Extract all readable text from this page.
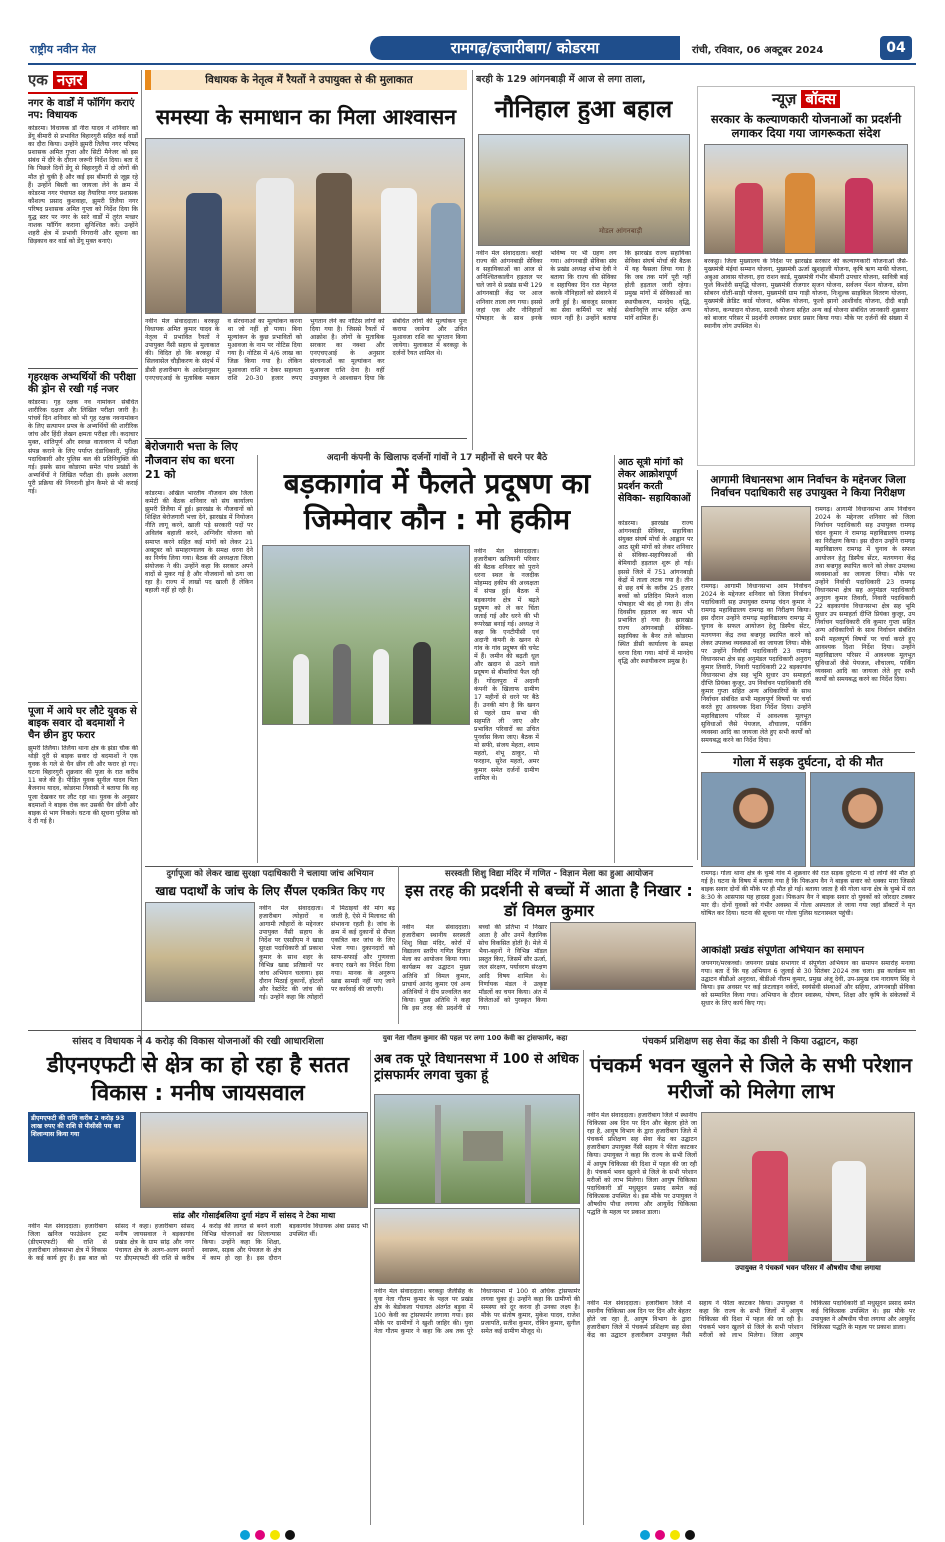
राष्ट्रीय नवीन मेल	रामगढ़/हजारीबाग/ कोडरमा	रांची, रविवार, 06 अक्टूबर 2024	04
एक नज़र
नगर के वार्डों में फॉगिंग कराएं नप: विधायक
कोडरमा। विधायक डॉ नीरा यादव ने शनिवार को डेंगू बीमारी से प्रभावित बिहारगुरी सहित कई वार्डों का दौरा किया। उन्होंने झुमरी तिलैया नगर परिषद प्रशासक अमित गुप्ता और सिटी मैनेजर को इस संबंध में दौरे के दौरान जरूरी निर्देश दिया। बता दें कि पिछले दिनों डेंगू से बिहारगुरी में दो लोगों की मौत हो चुकी है और कई इस बीमारी से जूझ रहे हैं। उन्होंने बिस्ती का जायजा लेने के क्रम में कोडरमा नगर पंचायत सह तैयारिया नगर प्रशासक कौशल्य प्रसाद कुशवाहा, झुमरी तिलैया नगर परिषद प्रशासक अमित गुप्ता को निर्देश दिया कि युद्ध स्तर पर नगर के सारे वार्डों में तुरंत मच्छर नाशक फॉगिंग कराना सुनिश्चित करें। उन्होंने शहरी क्षेत्र में प्रभावी निगरानी और सूचना का छिड़काव कर वार्ड को डेंगू मुक्त बनाएं।
गृहरक्षक अभ्यर्थियों की परीक्षा की ड्रोन से रखी गई नजर
कोडरमा। गृह रक्षक नव नामांकन संबंधित शारीरिक दक्षता और लिखित परीक्षा जारी है। पांचवें दिन शनिवार को भी गृह रक्षक नवनामांकन के लिए सत्यापन प्रपत्र के अभ्यर्थियों की शारीरिक जांच और हिंदी लेखन क्षमता परीक्षा ली। कदाचार मुक्त, शांतिपूर्ण और स्वच्छ वातावरण में परीक्षा संपन्न कराने के लिए पर्याप्त दंडाधिकारी, पुलिस पदाधिकारी और पुलिस बल की प्रतिनियुक्ति की गई। इसके साथ कोडरमा समेत पांच प्रखंडों के अभ्यर्थियों ने लिखित परीक्षा दी। इसके अलावा पूरी प्रक्रिया की निगरानी ड्रोन कैमरे से भी कराई गई।
पूजा में आये घर लौटे युवक से बाइक सवार दो बदमाशों ने चैन छीन हुए फरार
झुमरी तिलैया। तिलैया थाना क्षेत्र के झंडा चौक की थोड़ी दूरी से बाइक सवार दो बदमाशों ने एक युवक के गले से चैन छीन ली और फरार हो गए। घटना बिहारगुरी शुक्रवार की पूजा के रात करीब 11 बजे की है। पीड़ित युवक सुनील यादव पिता बैजनाथ यादव, कोडरमा निवासी ने बताया कि वह पूजा देखकर घर लौट रहा था। युवक के अनुसार बदमाशों ने बाइक रोक कर उसकी चैन छीनी और बाइक से भाग निकले। घटना की सूचना पुलिस को दे दी गई है।
विधायक के नेतृत्व में रैयतों ने उपायुक्त से की मुलाकात
समस्या के समाधान का मिला आश्वासन
नवीन मेल संवाददाता। बरकट्ठा विधायक अमित कुमार यादव के नेतृत्व में प्रभावित रैयतों ने उपायुक्त नैंसी सहाय से मुलाकात की। विदित हो कि बरकट्ठा में सिलवासेल चौड़ीकरण के संदर्भ में डीसी हजारीबाग के आदेशानुसार एनएचएआई के मुताबिक मकान व संरचनाओं का मूल्यांकन करना था जो नहीं हो पाया। बिना मूल्यांकन के कुछ प्रभावितों को मुआवजा के नाम पर नोटिस दिया गया है। नोटिस में 4/6 लाख का जिक्र किया गया है। लेकिन मुआवजा राशि न देकर सहायता राशि 20-30 हजार रुपए भुगतान लेने का नोटिस लोगों को दिया गया है। जिससे रैयतों में आक्रोश है। लोगों के मुताबिक सरकार का नक्शा और एनएचएआई के अनुसार संरचनाओं का मूल्यांकन कर मुआवजा राशि देना है। वहीं उपायुक्त ने आश्वासन दिया कि संबंधित लोगों की मूल्यांकन पुनः कराया जायेगा और उचित मुआवजा राशि का भुगतान किया जायेगा। मुलाकात में बरकट्ठा के दर्जनों रैयत शामिल थे।
बरही के 129 आंगनबाड़ी में आज से लगा ताला,
नौनिहाल हुआ बहाल
मोडल आंगनबाड़ी
नवीन मेल संवाददाता। बरही राज्य की आंगनबाड़ी सेविका व सहायिकाओं का आज से अनिश्चितकालीन हड़ताल पर चले जाने से प्रखंड सभी 129 आंगनबाड़ी केंद्र पर आज शनिवार ताला लग गया। इससे जहां एक और नौनिहालों पोषाहार के साथ इनके भविष्य पर भी ग्रहण लग गया। आंगनबाड़ी सेविका संघ के प्रखंड अध्यक्ष शोभा देवी ने बताया कि राज्य की सेविका व सहायिका दिन रात मेहनत करके नौनिहालों को संवारने में लगी हुई है। बावजूद सरकार का सेवा कर्मियों पर कोई ध्यान नहीं है। उन्होंने बताया कि झारखंड राज्य सहायिका सेविका संघर्ष मोर्चा की बैठक में यह फैसला लिया गया है कि जब तक मांगें पूरी नहीं होती हड़ताल जारी रहेगा। प्रमुख मांगों में सेविकाओं का स्थायीकरण, मानदेय वृद्धि, सेवानिवृत्ति लाभ सहित अन्य मांगें शामिल हैं।
न्यूज़ बॉक्स
सरकार के कल्याणकारी योजनाओं का प्रदर्शनी लगाकर दिया गया जागरूकता संदेश
बरकट्ठा। जिला मुख्यालय के निर्देश पर झारखंड सरकार की कल्याणकारी योजनाओं जैसे- मुख्यमंत्री मंईयां सम्मान योजना, मुख्यमंत्री ऊर्जा खुशहाली योजना, कृषि ऋण माफी योजना, अबुआ आवास योजना, हरा राशन कार्ड, मुख्यमंत्री गंभीर बीमारी उपचार योजना, सावित्री बाई फुले किशोरी समृद्धि योजना, मुख्यमंत्री रोजगार सृजन योजना, सर्वजन पेंशन योजना, सोना सोबरन धोती-साड़ी योजना, मुख्यमंत्री ग्राम गाड़ी योजना, निःशुल्क साइकिल वितरण योजना, मुख्यमंत्री क्रेडिट कार्ड योजना, श्रमिक योजना, फूलो झानो आशीर्वाद योजना, दीदी बाड़ी योजना, कन्यादान योजना, सारथी योजना सहित अन्य कई योजना संबंधित जानकारी शुक्रवार को बाजार परिसर में प्रदर्शनी लगाकर प्रचार प्रसार किया गया। मौके पर दर्जनों की संख्या में स्थानीय लोग उपस्थित थे।
बेरोजगारी भत्ता के लिए नौजवान संघ का धरना 21 को
कोडरमा। अखिल भारतीय नौजवान संघ जिला कमेटी की बैठक शनिवार को संघ कार्यालय झुमरी तिलैया में हुई। झारखंड के नौजवानों को शिक्षित बेरोजगारी भत्ता देने, झारखंड में नियोजन नीति लागू करने, खाली पड़े सरकारी पदों पर अविलंब बहाली करने, अग्निवीर योजना को समाप्त करने सहित कई मांगों को लेकर 21 अक्टूबर को समाहरणालय के समक्ष धरना देने का निर्णय लिया गया। बैठक की अध्यक्षता जिला संयोजक ने की। उन्होंने कहा कि सरकार अपने वादों से मुकर गई है और नौजवानों को ठगा जा रहा है। राज्य में लाखों पद खाली हैं लेकिन बहाली नहीं हो रही है।
अदानी कंपनी के खिलाफ दर्जनों गांवों ने 17 महीनों से धरने पर बैठे
बड़कागांव में फैलते प्रदूषण का जिम्मेवार कौन : मो हकीम
नवीन मेल संवाददाता। हजारीबाग खतियानी परिवार की बैठक शनिवार को पुराने धरना स्थल के नजदीक मोहम्मद हकीम की अध्यक्षता में संपन्न हुई। बैठक में बड़कागांव क्षेत्र में बढ़ते प्रदूषण को ले कर चिंता जताई गई और धरने की भी रूपरेखा बनाई गई। अध्यक्ष ने कहा कि एनटीपीसी एवं अदानी कंपनी के खनन से गांव के गांव प्रदूषण की चपेट में हैं। जमीन की बढ़ती धूल और खदान से उठने वाले प्रदूषण से बीमारियां फैल रही हैं। गोंदलपुरा में अदानी कंपनी के खिलाफ ग्रामीण 17 महीनों से धरने पर बैठे हैं। उनकी मांग है कि खनन से पहले ग्राम सभा की सहमति ली जाए और प्रभावित परिवारों का उचित पुनर्वास किया जाए। बैठक में मो सफी, संजय मेहता, श्याम महतो, शंभू ठाकुर, मो फरहान, सुरेश महतो, अमर कुमार समेत दर्जनों ग्रामीण शामिल थे।
आठ सूत्री मांगों को लेकर आक्रोशपूर्ण प्रदर्शन करती सेविका- सहायिकाओं
कोडरमा। झारखंड राज्य आंगनबाड़ी सेविका, सहायिका संयुक्त संघर्ष मोर्चा के आह्वान पर आठ सूत्री मांगों को लेकर शनिवार से सेविका-सहायिकाओं की बेमियादी हड़ताल शुरू हो गई। इससे जिले में 751 आंगनबाड़ी केंद्रों में ताला लटक गया है। तीन से छह वर्ष के करीब 25 हजार बच्चों को प्रतिदिन मिलने वाला पोषाहार भी बंद हो गया है। तीन दिवसीय हड़ताल का काम भी प्रभावित हो गया है। झारखंड राज्य आंगनबाड़ी सेविका-सहायिका के बैनर तले कोडरमा स्थित डीसी कार्यालय के समक्ष धरना दिया गया। मांगों में मानदेय वृद्धि और स्थायीकरण प्रमुख है।
आगामी विधानसभा आम निर्वाचन के मद्देनजर जिला निर्वाचन पदाधिकारी सह उपायुक्त ने किया निरीक्षण
रामगढ़। आगामी विधानसभा आम निर्वाचन 2024 के मद्देनजर शनिवार को जिला निर्वाचन पदाधिकारी सह उपायुक्त रामगढ़ चंदन कुमार ने रामगढ़ महाविद्यालय रामगढ़ का निरीक्षण किया। इस दौरान उन्होंने रामगढ़ महाविद्यालय रामगढ़ में चुनाव के सफल आयोजन हेतु डिस्पैच सेंटर, मतगणना केंद्र तथा बज्रगृह स्थापित करने को लेकर उपलब्ध व्यवस्थाओं का जायजा लिया। मौके पर उन्होंने निर्वाची पदाधिकारी 23 रामगढ़ विधानसभा क्षेत्र सह अनुमंडल पदाधिकारी अनुराग कुमार तिवारी, निवारी पदाधिकारी 22 बड़कागांव विधानसभा क्षेत्र सह भूमि सुधार उप समाहर्ता दीप्ति प्रियंका कुजूर, उप निर्वाचन पदाधिकारी रवि कुमार गुप्ता सहित अन्य अधिकारियों के साथ निर्वाचन संबंधित सभी महत्वपूर्ण विषयों पर चर्चा करते हुए आवश्यक दिशा निर्देश दिया। उन्होंने महाविद्यालय परिसर में आवश्यक मूलभूत सुविधाओं जैसे पेयजल, शौचालय, पार्किंग व्यवस्था आदि का जायजा लेते हुए सभी कार्यों को समयबद्ध करने का निर्देश दिया।
रामगढ़। आगामी विधानसभा आम निर्वाचन 2024 के मद्देनजर शनिवार को जिला निर्वाचन पदाधिकारी सह उपायुक्त रामगढ़ चंदन कुमार ने रामगढ़ महाविद्यालय रामगढ़ का निरीक्षण किया। इस दौरान उन्होंने रामगढ़ महाविद्यालय रामगढ़ में चुनाव के सफल आयोजन हेतु डिस्पैच सेंटर, मतगणना केंद्र तथा बज्रगृह स्थापित करने को लेकर उपलब्ध व्यवस्थाओं का जायजा लिया। मौके पर उन्होंने निर्वाची पदाधिकारी 23 रामगढ़ विधानसभा क्षेत्र सह अनुमंडल पदाधिकारी अनुराग कुमार तिवारी, निवारी पदाधिकारी 22 बड़कागांव विधानसभा क्षेत्र सह भूमि सुधार उप समाहर्ता दीप्ति प्रियंका कुजूर, उप निर्वाचन पदाधिकारी रवि कुमार गुप्ता सहित अन्य अधिकारियों के साथ निर्वाचन संबंधित सभी महत्वपूर्ण विषयों पर चर्चा करते हुए आवश्यक दिशा निर्देश दिया। उन्होंने महाविद्यालय परिसर में आवश्यक मूलभूत सुविधाओं जैसे पेयजल, शौचालय, पार्किंग व्यवस्था आदि का जायजा लेते हुए सभी कार्यों को समयबद्ध करने का निर्देश दिया।
गोला में सड़क दुर्घटना, दो की मौत
रामगढ़। गोला थाना क्षेत्र के चुम्बे गांव में शुक्रवार की रात सड़क दुर्घटना में दो लोगों की मौत हो गई है। घटना के विषय में बताया गया है कि पिकअप वैन ने बाइक सवार को धक्का मारा जिससे बाइक सवार दोनों की मौके पर ही मौत हो गई। बताया जाता है की गोला थाना क्षेत्र के चुम्बे में रात 8:30 के आसपास यह हादसा हुआ। पिकअप वैन ने बाइक सवार दो युवकों को जोरदार टक्कर मार दी। दोनों युवकों को गंभीर अवस्था में गोला अस्पताल ले जाया गया जहां डॉक्टरों ने मृत घोषित कर दिया। घटना की सूचना पर गोला पुलिस घटनास्थल पहुंची।
आकांक्षी प्रखंड संपूर्णता अभियान का समापन
जयनगर/मरकच्चो। जयनगर प्रखंड सभागार में संपूर्णता अभियान का समापन समारोह मनाया गया। बता दें कि यह अभियान 6 जुलाई से 30 सितंबर 2024 तक चला। इस कार्यक्रम का उद्घाटन बीडीओ अनुराधा, बीडीओ नीतम कुमार, प्रमुख अंजू देवी, उप-प्रमुख राम नारायण सिंह ने किया। इस अवसर पर कई फ्रंटलाइन वर्करों, स्वयंसेवी संस्थाओं और सहिया, आंगनबाड़ी सेविका को सम्मानित किया गया। अभियान के दौरान स्वास्थ्य, पोषण, शिक्षा और कृषि के संकेतकों में सुधार के लिए कार्य किए गए।
दुर्गापूजा को लेकर खाद्य सुरक्षा पदाधिकारी ने चलाया जांच अभियान
खाद्य पदार्थों के जांच के लिए सैंपल एकत्रित किए गए
नवीन मेल संवाददाता। हजारीबाग त्योहारों व आगामी त्यौहारों के मद्देनजर उपायुक्त नैंसी सहाय के निर्देश पर एसडीएम ने खाद्य सुरक्षा पदाधिकारी डॉ प्रकाश कुमार के साथ शहर के विभिन्न खाद्य प्रतिष्ठानों पर जांच अभियान चलाया। इस दौरान मिठाई दुकानों, होटलों और रेस्टोरेंट की जांच की गई। उन्होंने कहा कि त्योहारों में मिठाइयों की मांग बढ़ जाती है, ऐसे में मिलावट की संभावना रहती है। जांच के क्रम में कई दुकानों से सैंपल एकत्रित कर जांच के लिए भेजा गया। दुकानदारों को साफ-सफाई और गुणवत्ता बनाए रखने का निर्देश दिया गया। मानक के अनुरूप खाद्य सामग्री नहीं पाए जाने पर कार्रवाई की जाएगी।
सरस्वती शिशु विद्या मंदिर में गणित - विज्ञान मेला का हुआ आयोजन
इस तरह की प्रदर्शनी से बच्चों में आता है निखार : डॉ विमल कुमार
नवीन मेल संवाददाता। हजारीबाग स्थानीय सरस्वती शिशु विद्या मंदिर, कोर्रा में विद्यालय स्तरीय गणित विज्ञान मेला का आयोजन किया गया। कार्यक्रम का उद्घाटन मुख्य अतिथि डॉ विमल कुमार, प्राचार्य आनंद कुमार एवं अन्य अतिथियों ने दीप प्रज्वलित कर किया। मुख्य अतिथि ने कहा कि इस तरह की प्रदर्शनी से बच्चों की प्रतिभा में निखार आता है और उनमें वैज्ञानिक सोच विकसित होती है। मेले में भैया-बहनों ने विभिन्न मॉडल प्रस्तुत किए, जिसमें सौर ऊर्जा, जल संरक्षण, पर्यावरण संरक्षण आदि विषय शामिल थे। निर्णायक मंडल ने उत्कृष्ट मॉडलों का चयन किया। अंत में विजेताओं को पुरस्कृत किया गया।
सांसद व विधायक ने 4 करोड़ की विकास योजनाओं की रखी आधारशिला	युवा नेता गौतम कुमार की पहल पर लगा 100 केवी का ट्रांसफार्मर, कहा	पंचकर्म प्रशिक्षण सह सेवा केंद्र का डीसी ने किया उद्घाटन, कहा
डीएनएफटी से क्षेत्र का हो रहा है सतत विकास : मनीष जायसवाल
डीएमएफटी की राशि करीब 2 करोड़ 93 लाख रुपए की राशि से पीसीसी पथ का शिलान्यास किया गया
सांढ और गोसाईबलिया दुर्गा मंडप में सांसद ने टेका माथा
नवीन मेल संवाददाता। हजारीबाग जिला खनिज फाउंडेशन ट्रस्ट (डीएमएफटी) की राशि से हजारीबाग लोकसभा क्षेत्र में विकास के कई कार्य हुए हैं। इस बात को सांसद ने कहा। हजारीबाग सांसद मनीष जायसवाल ने बड़कागांव प्रखंड क्षेत्र के ग्राम सांढ़ और नगर पंचायत क्षेत्र के अलग-अलग स्थानों पर डीएमएफटी की राशि से करीब 4 करोड़ की लागत से बनने वाली विभिन्न योजनाओं का शिलान्यास किया। उन्होंने कहा कि शिक्षा, स्वास्थ्य, सड़क और पेयजल के क्षेत्र में काम हो रहा है। इस दौरान बड़कागांव विधायक अंबा प्रसाद भी उपस्थित थीं।
अब तक पूरे विधानसभा में 100 से अधिक ट्रांसफार्मर लगवा चुका हूं
नवीन मेल संवाददाता। बरकट्ठा जैलेसिंह के युवा नेता गौतम कुमार के पहल पर प्रखंड क्षेत्र के बेडोकला पंचायत अंतर्गत बड़ुवा में 100 केवी का ट्रांसफार्मर लगाया गया। इस मौके पर ग्रामीणों ने खुशी जाहिर की। युवा नेता गौतम कुमार ने कहा कि अब तक पूरे विधानसभा में 100 से अधिक ट्रांसफार्मर लगवा चुका हूं। उन्होंने कहा कि ग्रामीणों की समस्या को दूर करना ही उनका लक्ष्य है। मौके पर संतोष कुमार, मुकेश यादव, राजेश प्रजापति, सतीश कुमार, रोबिन कुमार, सुनील समेत कई ग्रामीण मौजूद थे।
पंचकर्म भवन खुलने से जिले के सभी परेशान मरीजों को मिलेगा लाभ
नवीन मेल संवाददाता। हजारीबाग जिले में स्थानीय चिकित्सा अब दिन पर दिन और बेहतर होते जा रहा है, आयुष विभाग के द्वारा हजारीबाग जिले में पंचकर्म प्रशिक्षण सह सेवा केंद्र का उद्घाटन हजारीबाग उपायुक्त नैंसी सहाय ने फीता काटकर किया। उपायुक्त ने कहा कि राज्य के सभी जिलों में आयुष चिकित्सा की दिशा में पहल की जा रही है। पंचकर्म भवन खुलने से जिले के सभी परेशान मरीजों को लाभ मिलेगा। जिला आयुष चिकित्सा पदाधिकारी डॉ मधुसूदन प्रसाद समेत कई चिकित्सक उपस्थित थे। इस मौके पर उपायुक्त ने औषधीय पौधा लगाया और आयुर्वेद चिकित्सा पद्धति के महत्व पर प्रकाश डाला।
उपायुक्त ने पंचकर्म भवन परिसर में औषधीय पौधा लगाया
नवीन मेल संवाददाता। हजारीबाग जिले में स्थानीय चिकित्सा अब दिन पर दिन और बेहतर होते जा रहा है, आयुष विभाग के द्वारा हजारीबाग जिले में पंचकर्म प्रशिक्षण सह सेवा केंद्र का उद्घाटन हजारीबाग उपायुक्त नैंसी सहाय ने फीता काटकर किया। उपायुक्त ने कहा कि राज्य के सभी जिलों में आयुष चिकित्सा की दिशा में पहल की जा रही है। पंचकर्म भवन खुलने से जिले के सभी परेशान मरीजों को लाभ मिलेगा। जिला आयुष चिकित्सा पदाधिकारी डॉ मधुसूदन प्रसाद समेत कई चिकित्सक उपस्थित थे। इस मौके पर उपायुक्त ने औषधीय पौधा लगाया और आयुर्वेद चिकित्सा पद्धति के महत्व पर प्रकाश डाला।
